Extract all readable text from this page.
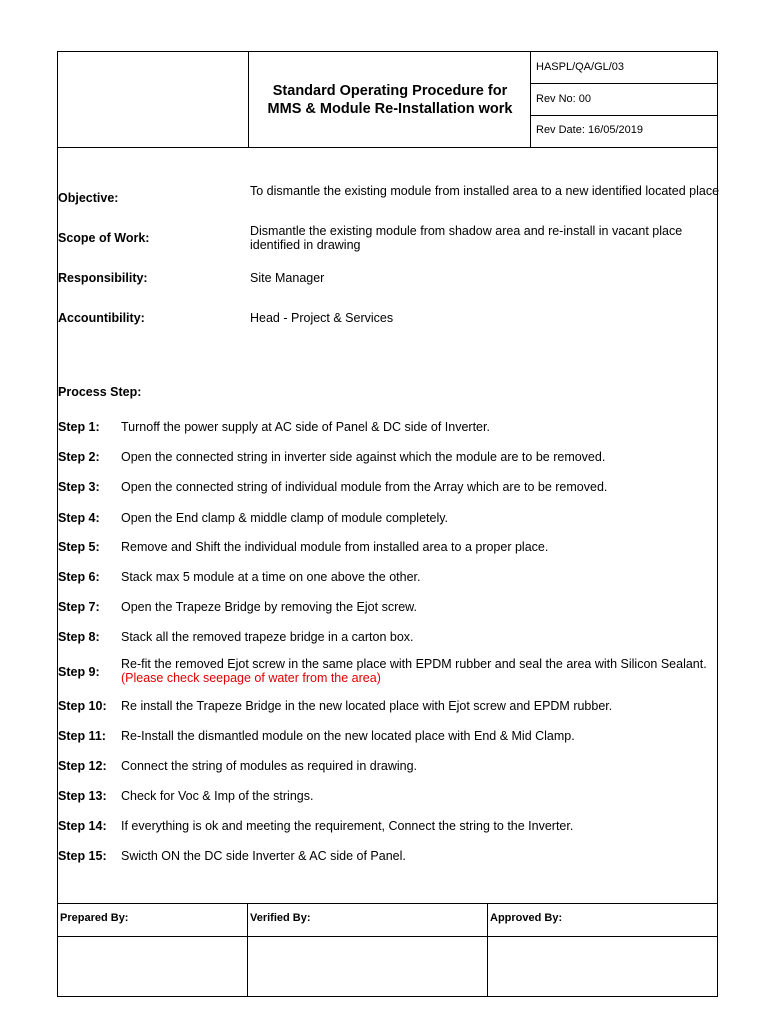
Standard Operating Procedure for
MMS & Module Re-Installation work
HASPL/QA/GL/03
Rev No: 00
Rev Date: 16/05/2019
Objective:	To dismantle the existing module from installed area to a new identified located place
Scope of Work:	Dismantle the existing module from shadow area and re-install in vacant place identified in drawing
Responsibility:	Site Manager
Accountibility:	Head - Project & Services
Process Step:
Step 1: Turnoff the power supply at AC side of Panel & DC side of Inverter.
Step 2: Open the connected string in inverter side against which the module are to be removed.
Step 3: Open the connected string of individual module from the Array which are to be removed.
Step 4: Open the End clamp & middle clamp of module completely.
Step 5: Remove and Shift the individual module from installed area to a proper place.
Step 6: Stack max 5 module at a time on one above the other.
Step 7: Open the Trapeze Bridge by removing the Ejot screw.
Step 8: Stack all the removed trapeze bridge in a carton box.
Step 9:
Re-fit the removed Ejot screw in the same place with EPDM rubber and seal the area with Silicon Sealant.(Please check seepage of water from the area)
Step 10: Re install the Trapeze Bridge in the new located place with Ejot screw and EPDM rubber.
Step 11: Re-Install the dismantled module on the new located place with End & Mid Clamp.
Step 12: Connect the string of modules as required in drawing.
Step 13: Check for Voc & Imp of the strings.
Step 14: If everything is ok and meeting the requirement, Connect the string to the Inverter.
Step 15: Swicth ON the DC side Inverter & AC side of Panel.
Prepared By:	Verified By:	Approved By:
